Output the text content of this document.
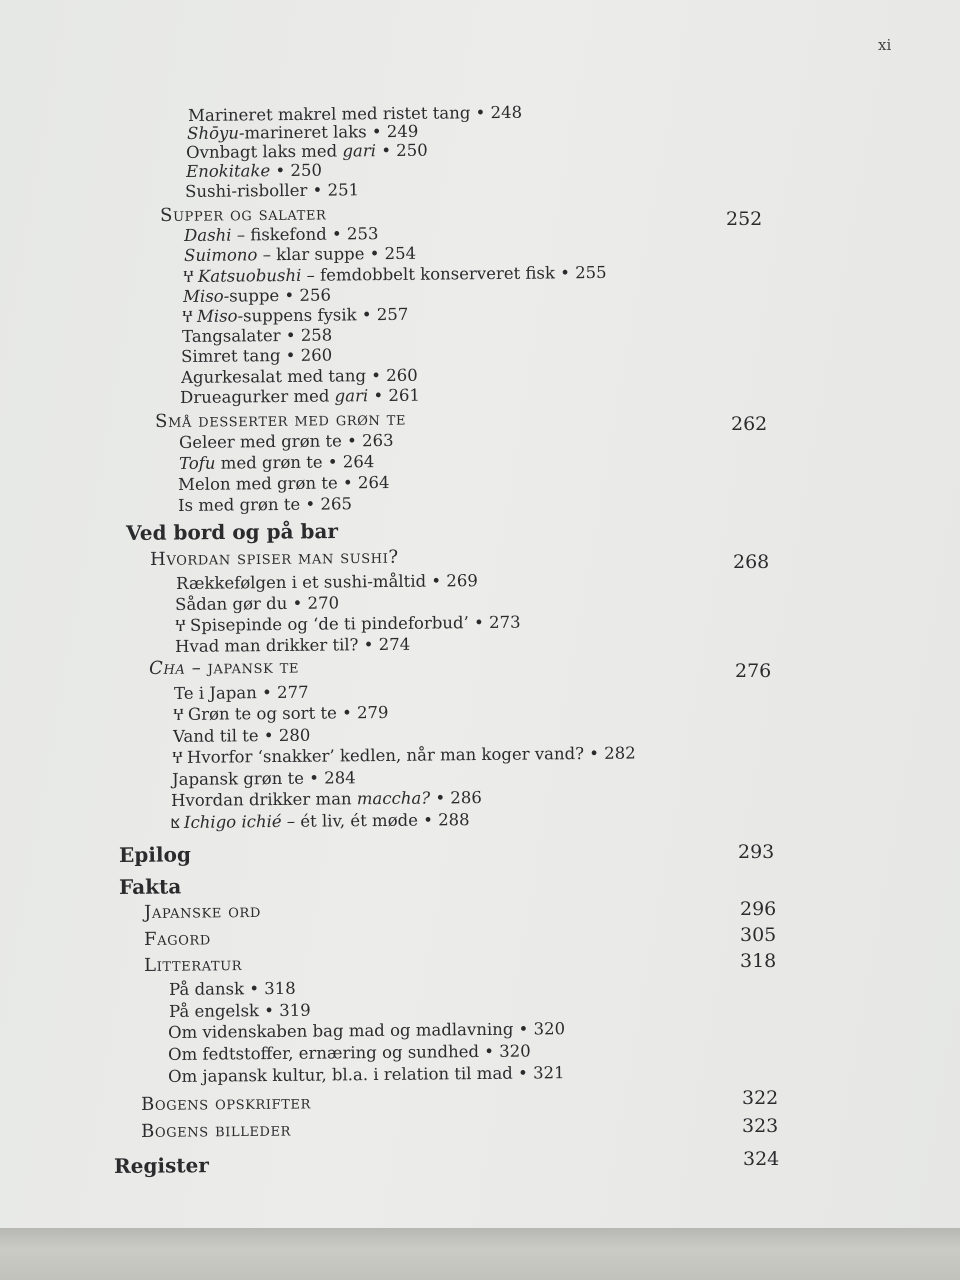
xi
Marineret makrel med ristet tang • 248
Shōyu-marineret laks • 249
Ovnbagt laks med gari • 250
Enokitake • 250
Sushi-risboller • 251
Supper og salater
Dashi – fiskefond • 253
Suimono – klar suppe • 254
Ⴤ Katsuobushi – femdobbelt konserveret fisk • 255
Miso-suppe • 256
Ⴤ Miso-suppens fysik • 257
Tangsalater • 258
Simret tang • 260
Agurkesalat med tang • 260
Drueagurker med gari • 261
Små desserter med grøn te
Geleer med grøn te • 263
Tofu med grøn te • 264
Melon med grøn te • 264
Is med grøn te • 265
Ved bord og på bar
Hvordan spiser man sushi?
Rækkefølgen i et sushi-måltid • 269
Sådan gør du • 270
Ⴤ Spisepinde og ‘de ti pindeforbud’ • 273
Hvad man drikker til? • 274
Cha – japansk te
Te i Japan • 277
Ⴤ Grøn te og sort te • 279
Vand til te • 280
Ⴤ Hvorfor ‘snakker’ kedlen, når man koger vand? • 282
Japansk grøn te • 284
Hvordan drikker man maccha? • 286
ⴿ Ichigo ichié – ét liv, ét møde • 288
Epilog
Fakta
Japanske ord
Fagord
Litteratur
På dansk • 318
På engelsk • 319
Om videnskaben bag mad og madlavning • 320
Om fedtstoffer, ernæring og sundhed • 320
Om japansk kultur, bl.a. i relation til mad • 321
Bogens opskrifter
Bogens billeder
Register
252
262
268
276
293
296
305
318
322
323
324
